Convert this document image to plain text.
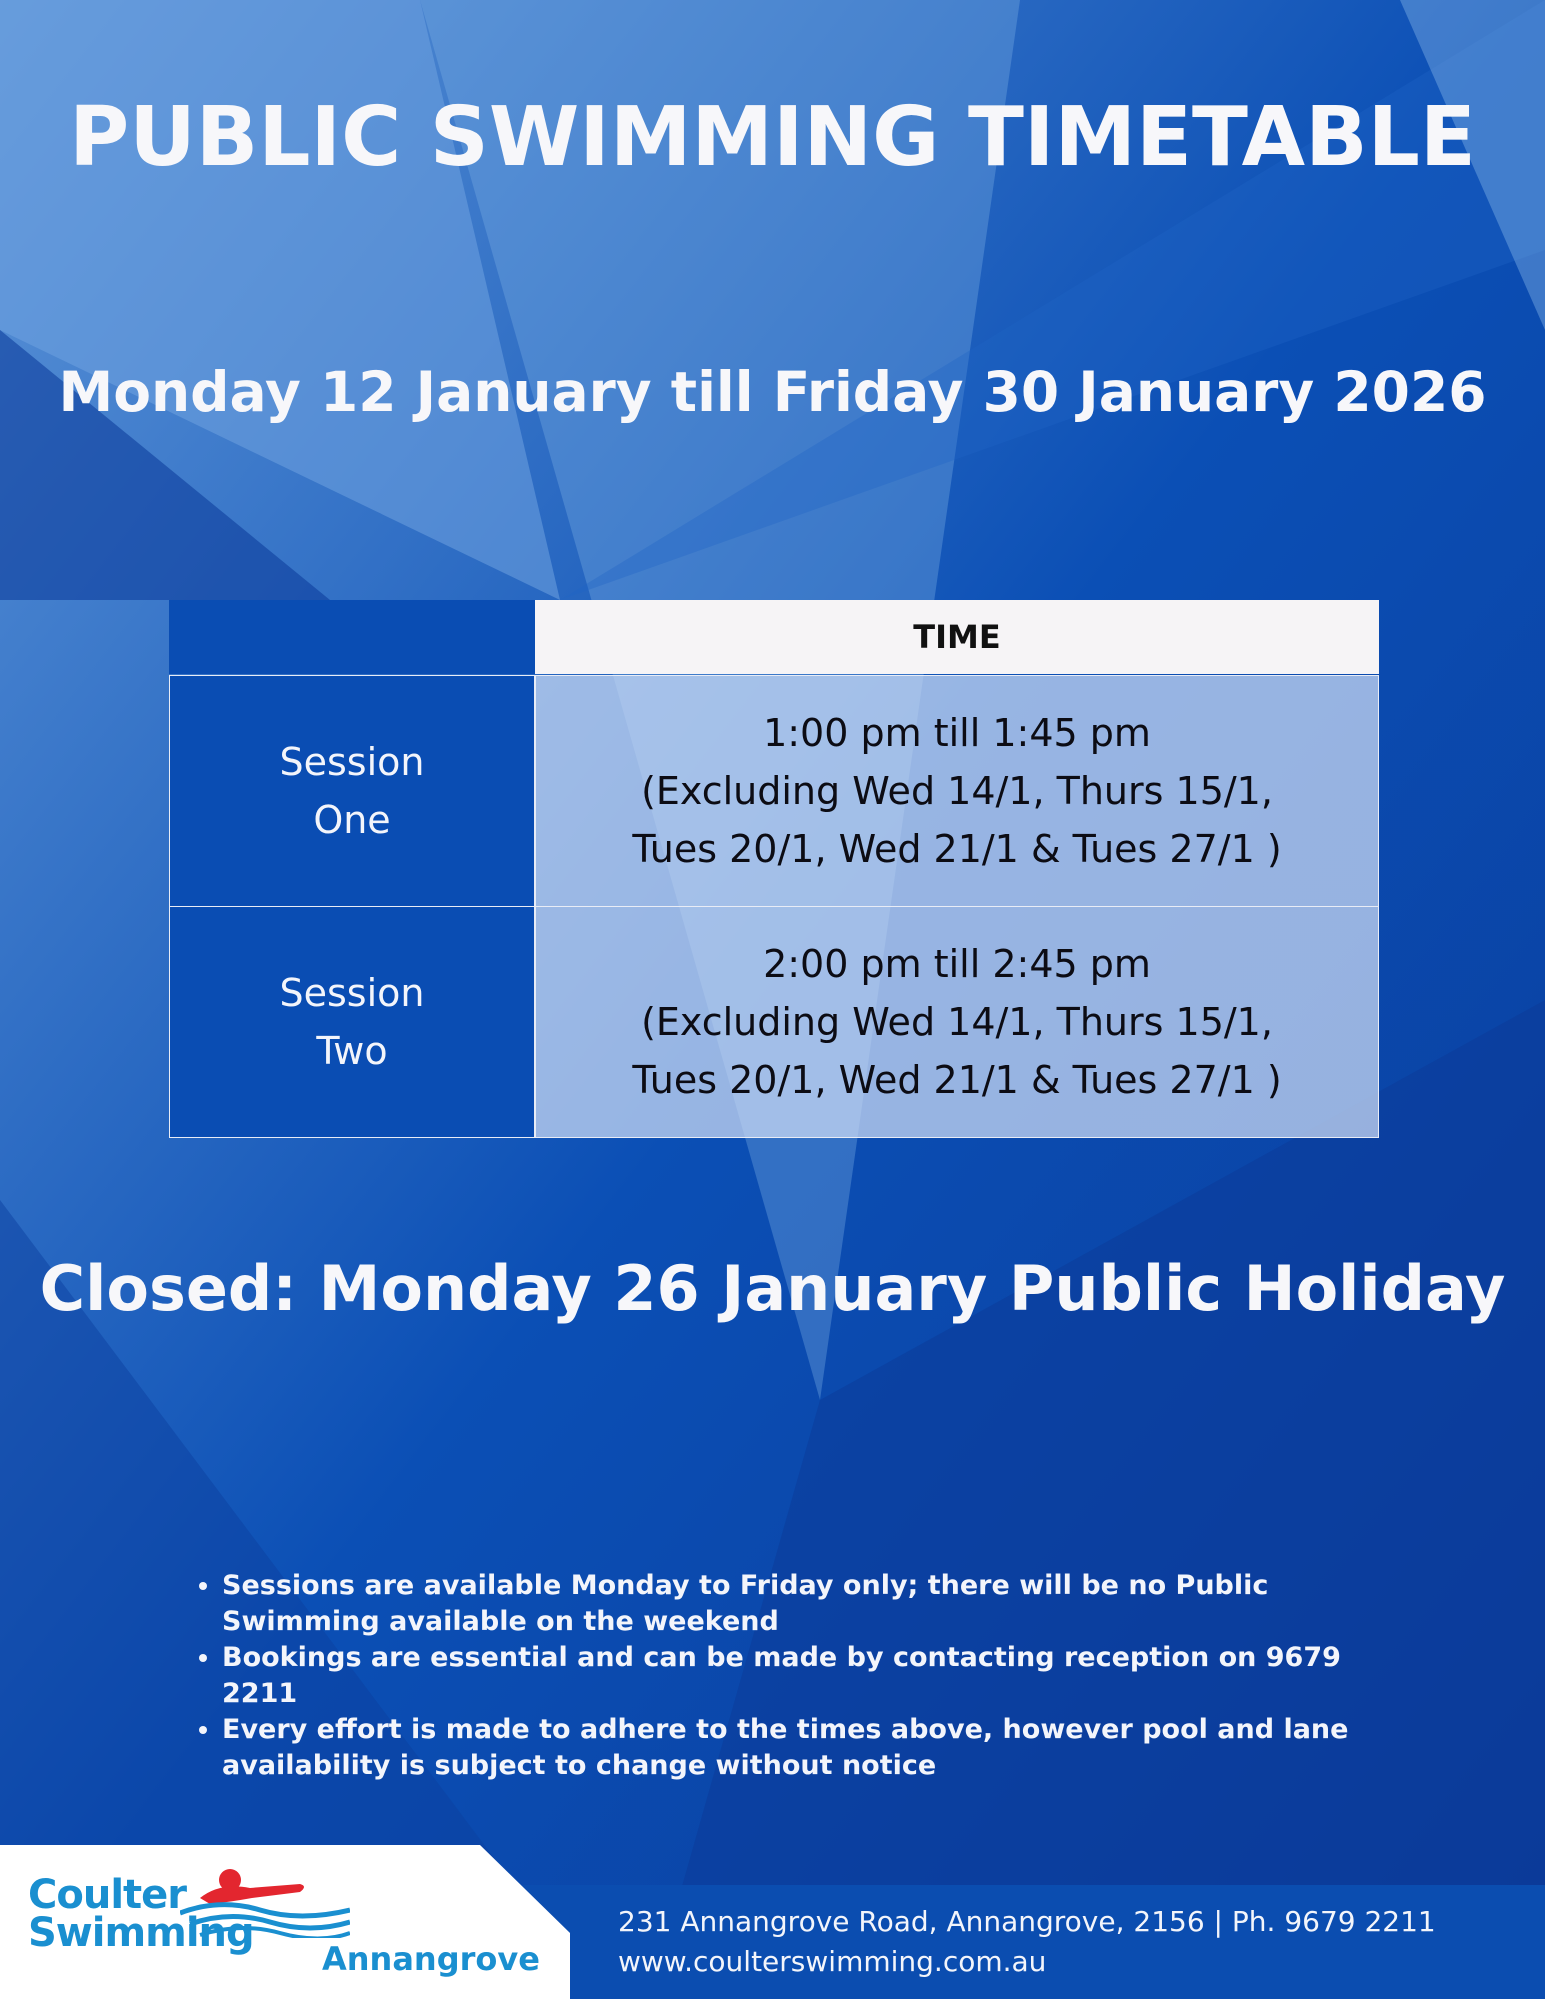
PUBLIC SWIMMING TIMETABLE
Monday 12 January till Friday 30 January 2026
TIME
Session
One
1:00 pm till 1:45 pm
(Excluding Wed 14/1, Thurs 15/1,
Tues 20/1, Wed 21/1 & Tues 27/1 )
Session
Two
2:00 pm till 2:45 pm
(Excluding Wed 14/1, Thurs 15/1,
Tues 20/1, Wed 21/1 & Tues 27/1 )
Closed: Monday 26 January Public Holiday
• Sessions are available Monday to Friday only; there will be no Public Swimming available on the weekend
• Bookings are essential and can be made by contacting reception on 9679 2211
• Every effort is made to adhere to the times above, however pool and lane availability is subject to change without notice
Coulter
Swimming
Annangrove
231 Annangrove Road, Annangrove, 2156 | Ph. 9679 2211
www.coulterswimming.com.au
